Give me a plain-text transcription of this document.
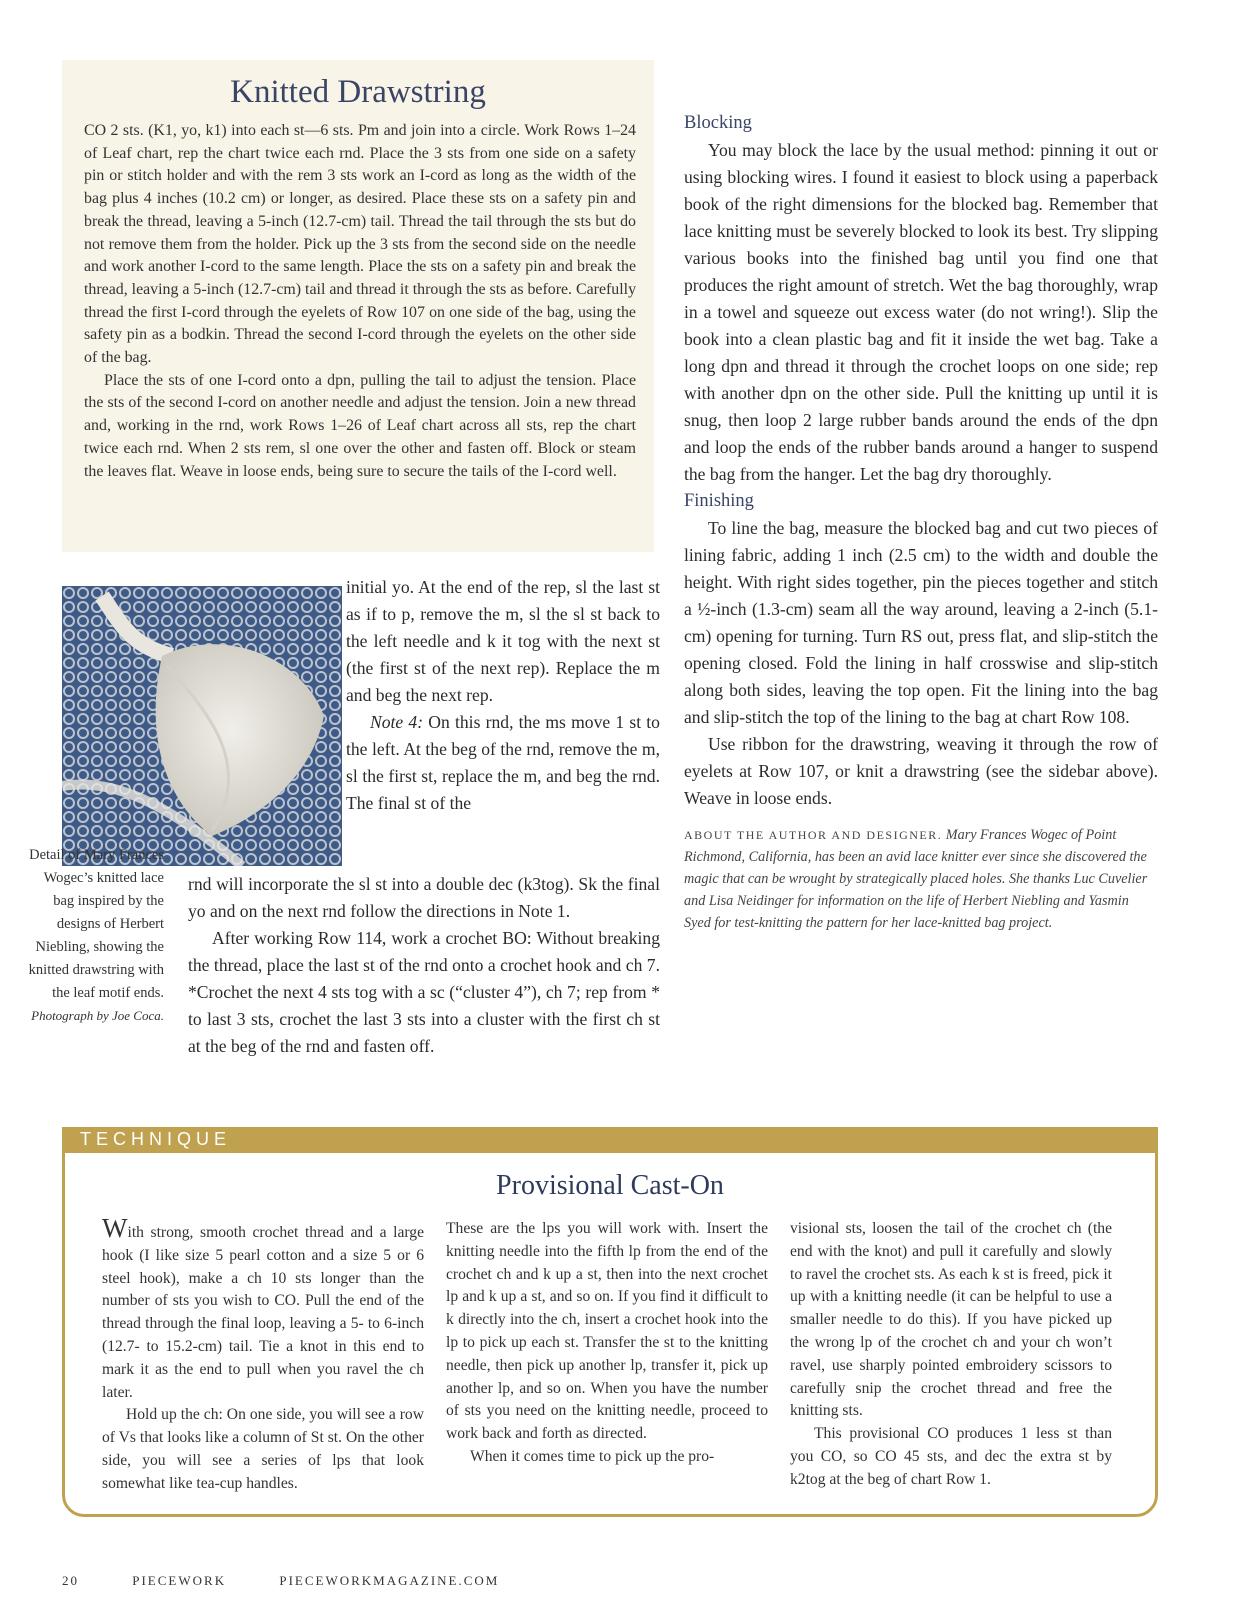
Knitted Drawstring

CO 2 sts. (K1, yo, k1) into each st—6 sts. Pm and join into a circle. Work Rows 1–24 of Leaf chart, rep the chart twice each rnd. Place the 3 sts from one side on a safety pin or stitch holder and with the rem 3 sts work an I-cord as long as the width of the bag plus 4 inches (10.2 cm) or longer, as desired. Place these sts on a safety pin and break the thread, leaving a 5-inch (12.7-cm) tail. Thread the tail through the sts but do not remove them from the holder. Pick up the 3 sts from the second side on the needle and work another I-cord to the same length. Place the sts on a safety pin and break the thread, leaving a 5-inch (12.7-cm) tail and thread it through the sts as before. Carefully thread the first I-cord through the eyelets of Row 107 on one side of the bag, using the safety pin as a bodkin. Thread the second I-cord through the eyelets on the other side of the bag.

Place the sts of one I-cord onto a dpn, pulling the tail to adjust the tension. Place the sts of the second I-cord on another needle and adjust the tension. Join a new thread and, working in the rnd, work Rows 1–26 of Leaf chart across all sts, rep the chart twice each rnd. When 2 sts rem, sl one over the other and fasten off. Block or steam the leaves flat. Weave in loose ends, being sure to secure the tails of the I-cord well.

Detail of Mary Frances Wogec’s knitted lace bag inspired by the designs of Herbert Niebling, showing the knitted drawstring with the leaf motif ends.

Photograph by Joe Coca.

initial yo. At the end of the rep, sl the last st as if to p, remove the m, sl the sl st back to the left needle and k it tog with the next st (the first st of the next rep). Replace the m and beg the next rep.

Note 4: On this rnd, the ms move 1 st to the left. At the beg of the rnd, remove the m, sl the first st, replace the m, and beg the rnd. The final st of the

rnd will incorporate the sl st into a double dec (k3tog). Sk the final yo and on the next rnd follow the directions in Note 1.

After working Row 114, work a crochet BO: Without breaking the thread, place the last st of the rnd onto a crochet hook and ch 7. *Crochet the next 4 sts tog with a sc (“cluster 4”), ch 7; rep from * to last 3 sts, crochet the last 3 sts into a cluster with the first ch st at the beg of the rnd and fasten off.

Blocking

You may block the lace by the usual method: pinning it out or using blocking wires. I found it easiest to block using a paperback book of the right dimensions for the blocked bag. Remember that lace knitting must be severely blocked to look its best. Try slipping various books into the finished bag until you find one that produces the right amount of stretch. Wet the bag thoroughly, wrap in a towel and squeeze out excess water (do not wring!). Slip the book into a clean plastic bag and fit it inside the wet bag. Take a long dpn and thread it through the crochet loops on one side; rep with another dpn on the other side. Pull the knitting up until it is snug, then loop 2 large rubber bands around the ends of the dpn and loop the ends of the rubber bands around a hanger to suspend the bag from the hanger. Let the bag dry thoroughly.

Finishing

To line the bag, measure the blocked bag and cut two pieces of lining fabric, adding 1 inch (2.5 cm) to the width and double the height. With right sides together, pin the pieces together and stitch a ½-inch (1.3-cm) seam all the way around, leaving a 2-inch (5.1-cm) opening for turning. Turn RS out, press flat, and slip-stitch the opening closed. Fold the lining in half crosswise and slip-stitch along both sides, leaving the top open. Fit the lining into the bag and slip-stitch the top of the lining to the bag at chart Row 108.

Use ribbon for the drawstring, weaving it through the row of eyelets at Row 107, or knit a drawstring (see the sidebar above). Weave in loose ends.

ABOUT THE AUTHOR AND DESIGNER. Mary Frances Wogec of Point Richmond, California, has been an avid lace knitter ever since she discovered the magic that can be wrought by strategically placed holes. She thanks Luc Cuvelier and Lisa Neidinger for information on the life of Herbert Niebling and Yasmin Syed for test-knitting the pattern for her lace-knitted bag project.

TECHNIQUE
Provisional Cast-On

With strong, smooth crochet thread and a large hook (I like size 5 pearl cotton and a size 5 or 6 steel hook), make a ch 10 sts longer than the number of sts you wish to CO. Pull the end of the thread through the final loop, leaving a 5- to 6-inch (12.7- to 15.2-cm) tail. Tie a knot in this end to mark it as the end to pull when you ravel the ch later.

Hold up the ch: On one side, you will see a row of Vs that looks like a column of St st. On the other side, you will see a series of lps that look somewhat like tea-cup handles.

These are the lps you will work with. Insert the knitting needle into the fifth lp from the end of the crochet ch and k up a st, then into the next crochet lp and k up a st, and so on. If you find it difficult to k directly into the ch, insert a crochet hook into the lp to pick up each st. Transfer the st to the knitting needle, then pick up another lp, transfer it, pick up another lp, and so on. When you have the number of sts you need on the knitting needle, proceed to work back and forth as directed.

When it comes time to pick up the pro-

visional sts, loosen the tail of the crochet ch (the end with the knot) and pull it carefully and slowly to ravel the crochet sts. As each k st is freed, pick it up with a knitting needle (it can be helpful to use a smaller needle to do this). If you have picked up the wrong lp of the crochet ch and your ch won’t ravel, use sharply pointed embroidery scissors to carefully snip the crochet thread and free the knitting sts.

This provisional CO produces 1 less st than you CO, so CO 45 sts, and dec the extra st by k2tog at the beg of chart Row 1.

20	PIECEWORK	PIECEWORKMAGAZINE.COM
